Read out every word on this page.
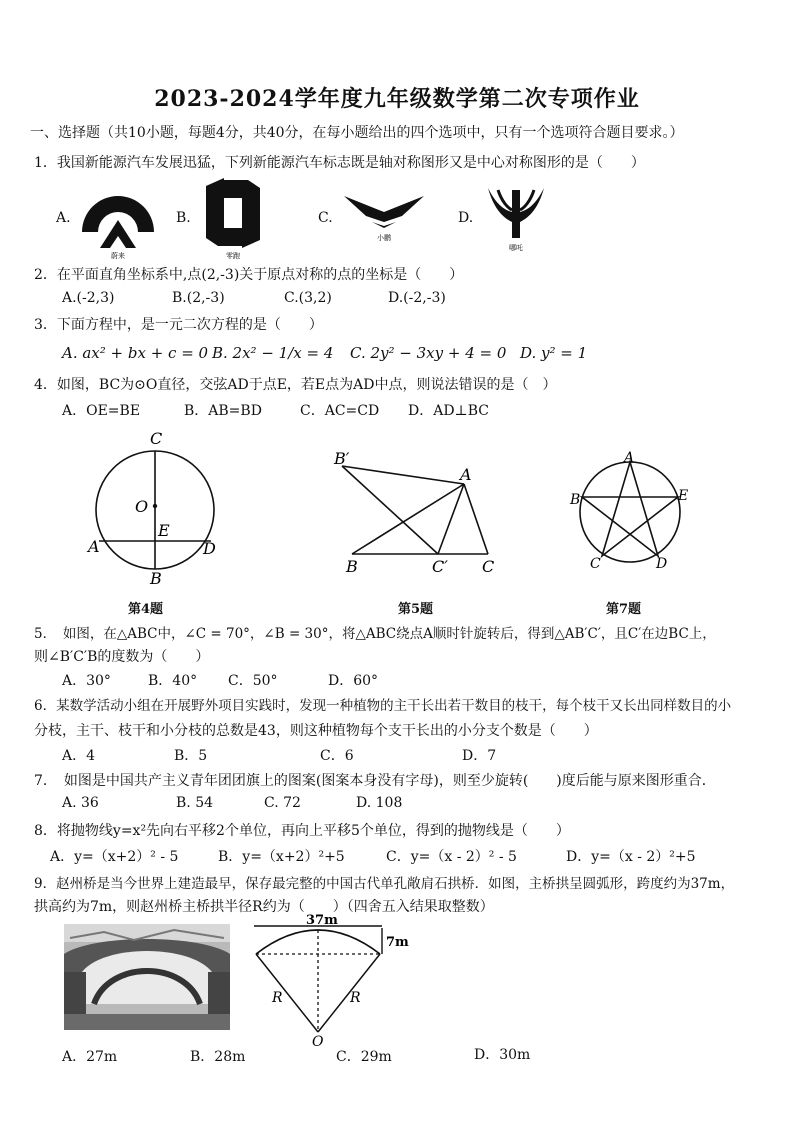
2023-2024学年度九年级数学第二次专项作业
一、选择题（共10小题，每题4分，共40分，在每小题给出的四个选项中，只有一个选项符合题目要求。）
1．我国新能源汽车发展迅猛，下列新能源汽车标志既是轴对称图形又是中心对称图形的是（　　）
A.	B.	C.	D.
蔚来	零跑
小鹏
哪吒
2．在平面直角坐标系中,点(2,-3)关于原点对称的点的坐标是（　　）
A.(-2,3)	B.(2,-3)	C.(3,2)	D.(-2,-3)
3．下面方程中，是一元二次方程的是（　　）
A. ax² + bx + c = 0 B. 2x² − 1/x = 4 C. 2y² − 3xy + 4 = 0 D. y² = 1
4．如图，BC为⊙O直径，交弦AD于点E，若E点为AD中点，则说法错误的是（　）
A．OE=BE	B．AB=BD	C．AC=CD D．AD⊥BC
C
O
E
A	D
B
第4题
B′
A
B	C′ C
第5题
A
B	E
C	D
第7题
5．　如图，在△ABC中，∠C = 70°，∠B = 30°，将△ABC绕点A顺时针旋转后，得到△AB′C′，且C′在边BC上，
则∠B′C′B的度数为（　　）
A．30°	B．40° C．50°	D．60°
6．某数学活动小组在开展野外项目实践时，发现一种植物的主干长出若干数目的枝干，每个枝干又长出同样数目的小
分枝，主干、枝干和小分枝的总数是43，则这种植物每个支干长出的小分支个数是（　　）
A．4	B．5	C．6	D．7
7．　如图是中国共产主义青年团团旗上的图案(图案本身没有字母)，则至少旋转(　　)度后能与原来图形重合．
A. 36	B. 54	C. 72	D. 108
8．将抛物线y=x²先向右平移2个单位，再向上平移5个单位，得到的抛物线是（　　）
A．y=（x+2）² - 5	B．y=（x+2）²+5	C．y=（x - 2）² - 5	D．y=（x - 2）²+5
9．赵州桥是当今世界上建造最早，保存最完整的中国古代单孔敞肩石拱桥．如图，主桥拱呈圆弧形，跨度约为37m，
拱高约为7m，则赵州桥主桥拱半径R约为（　　）（四舍五入结果取整数）
37m
7m
R	R
O
A．27m	B．28m	C．29m	D．30m
